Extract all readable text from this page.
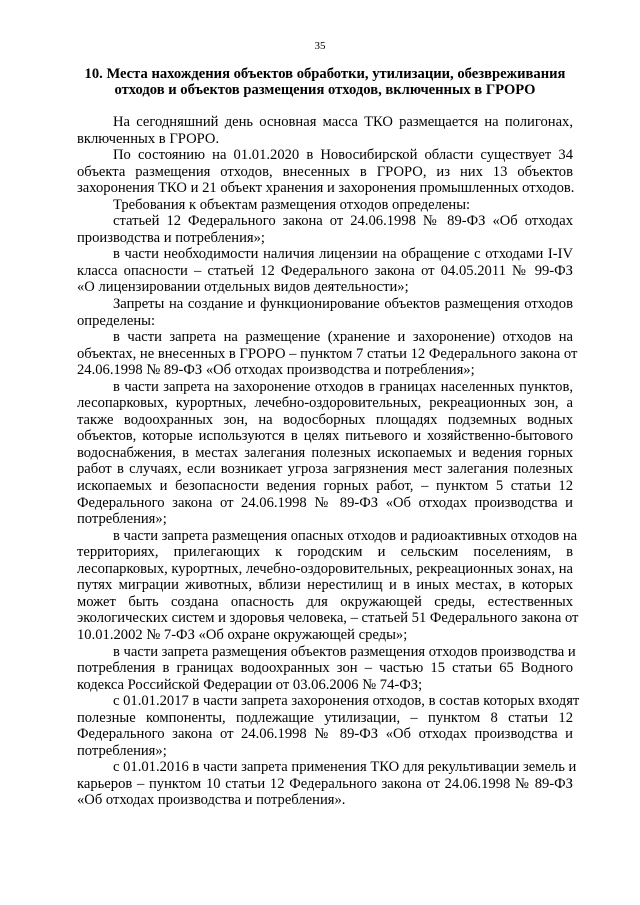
35
10. Места нахождения объектов обработки, утилизации, обезвреживания
отходов и объектов размещения отходов, включенных в ГРОРО
На сегодняшний день основная масса ТКО размещается на полигонах,
включенных в ГРОРО.
По состоянию на 01.01.2020 в Новосибирской области существует 34
объекта размещения отходов, внесенных в ГРОРО, из них 13 объектов
захоронения ТКО и 21 объект хранения и захоронения промышленных отходов.
Требования к объектам размещения отходов определены:
статьей 12 Федерального закона от 24.06.1998 № 89-ФЗ «Об отходах
производства и потребления»;
в части необходимости наличия лицензии на обращение с отходами I-IV
класса опасности – статьей 12 Федерального закона от 04.05.2011 № 99-ФЗ
«О лицензировании отдельных видов деятельности»;
Запреты на создание и функционирование объектов размещения отходов
определены:
в части запрета на размещение (хранение и захоронение) отходов на
объектах, не внесенных в ГРОРО – пунктом 7 статьи 12 Федерального закона от
24.06.1998 № 89-ФЗ «Об отходах производства и потребления»;
в части запрета на захоронение отходов в границах населенных пунктов,
лесопарковых, курортных, лечебно-оздоровительных, рекреационных зон, а
также водоохранных зон, на водосборных площадях подземных водных
объектов, которые используются в целях питьевого и хозяйственно-бытового
водоснабжения, в местах залегания полезных ископаемых и ведения горных
работ в случаях, если возникает угроза загрязнения мест залегания полезных
ископаемых и безопасности ведения горных работ, – пунктом 5 статьи 12
Федерального закона от 24.06.1998 № 89-ФЗ «Об отходах производства и
потребления»;
в части запрета размещения опасных отходов и радиоактивных отходов на
территориях, прилегающих к городским и сельским поселениям, в
лесопарковых, курортных, лечебно-оздоровительных, рекреационных зонах, на
путях миграции животных, вблизи нерестилищ и в иных местах, в которых
может быть создана опасность для окружающей среды, естественных
экологических систем и здоровья человека, – статьей 51 Федерального закона от
10.01.2002 № 7-ФЗ «Об охране окружающей среды»;
в части запрета размещения объектов размещения отходов производства и
потребления в границах водоохранных зон – частью 15 статьи 65 Водного
кодекса Российской Федерации от 03.06.2006 № 74-ФЗ;
с 01.01.2017 в части запрета захоронения отходов, в состав которых входят
полезные компоненты, подлежащие утилизации, – пунктом 8 статьи 12
Федерального закона от 24.06.1998 № 89-ФЗ «Об отходах производства и
потребления»;
с 01.01.2016 в части запрета применения ТКО для рекультивации земель и
карьеров – пунктом 10 статьи 12 Федерального закона от 24.06.1998 № 89-ФЗ
«Об отходах производства и потребления».
